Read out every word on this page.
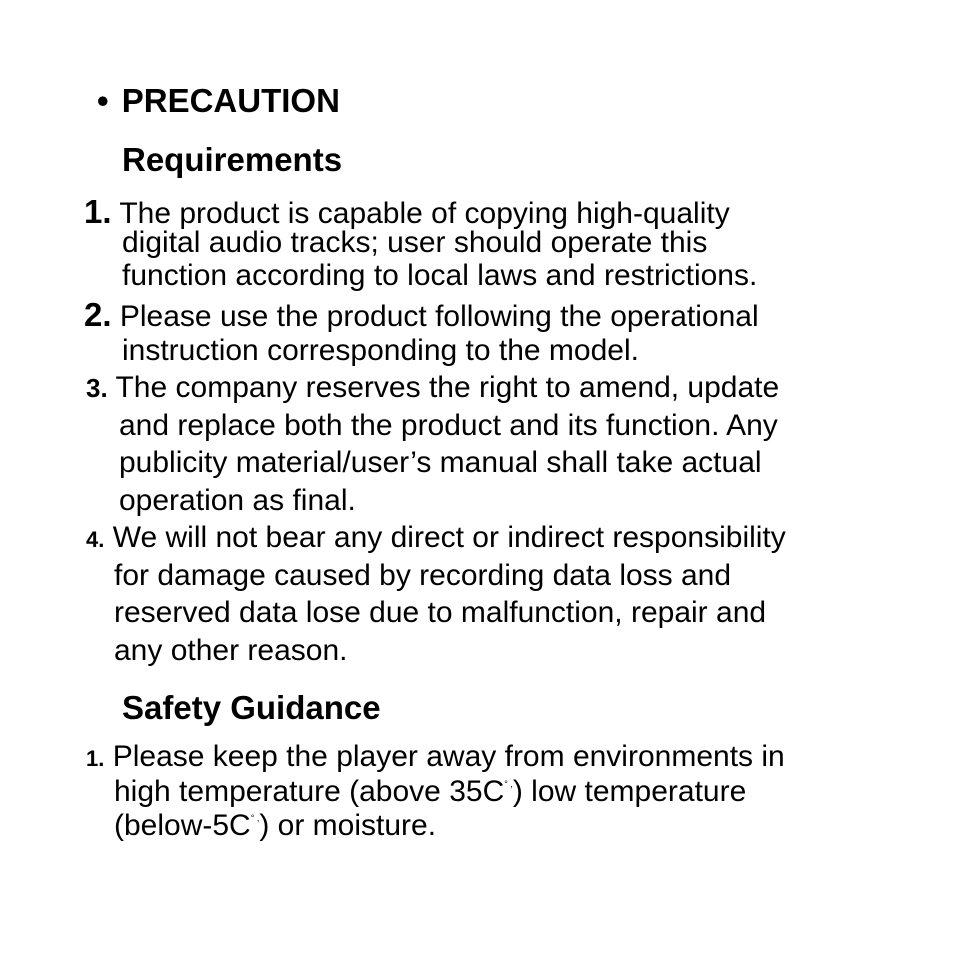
• PRECAUTION
Requirements
1. The product is capable of copying high-quality
digital audio tracks; user should operate this
function according to local laws and restrictions.
2. Please use the product following the operational
instruction corresponding to the model.
3. The company reserves the right to amend, update
and replace both the product and its function. Any
publicity material/user’s manual shall take actual
operation as final.
4. We will not bear any direct or indirect responsibility
for damage caused by recording data loss and
reserved data lose due to malfunction, repair and
any other reason.
Safety Guidance
1. Please keep the player away from environments in
high temperature (above 35C° ,) low temperature
(below-5C° ,) or moisture.
